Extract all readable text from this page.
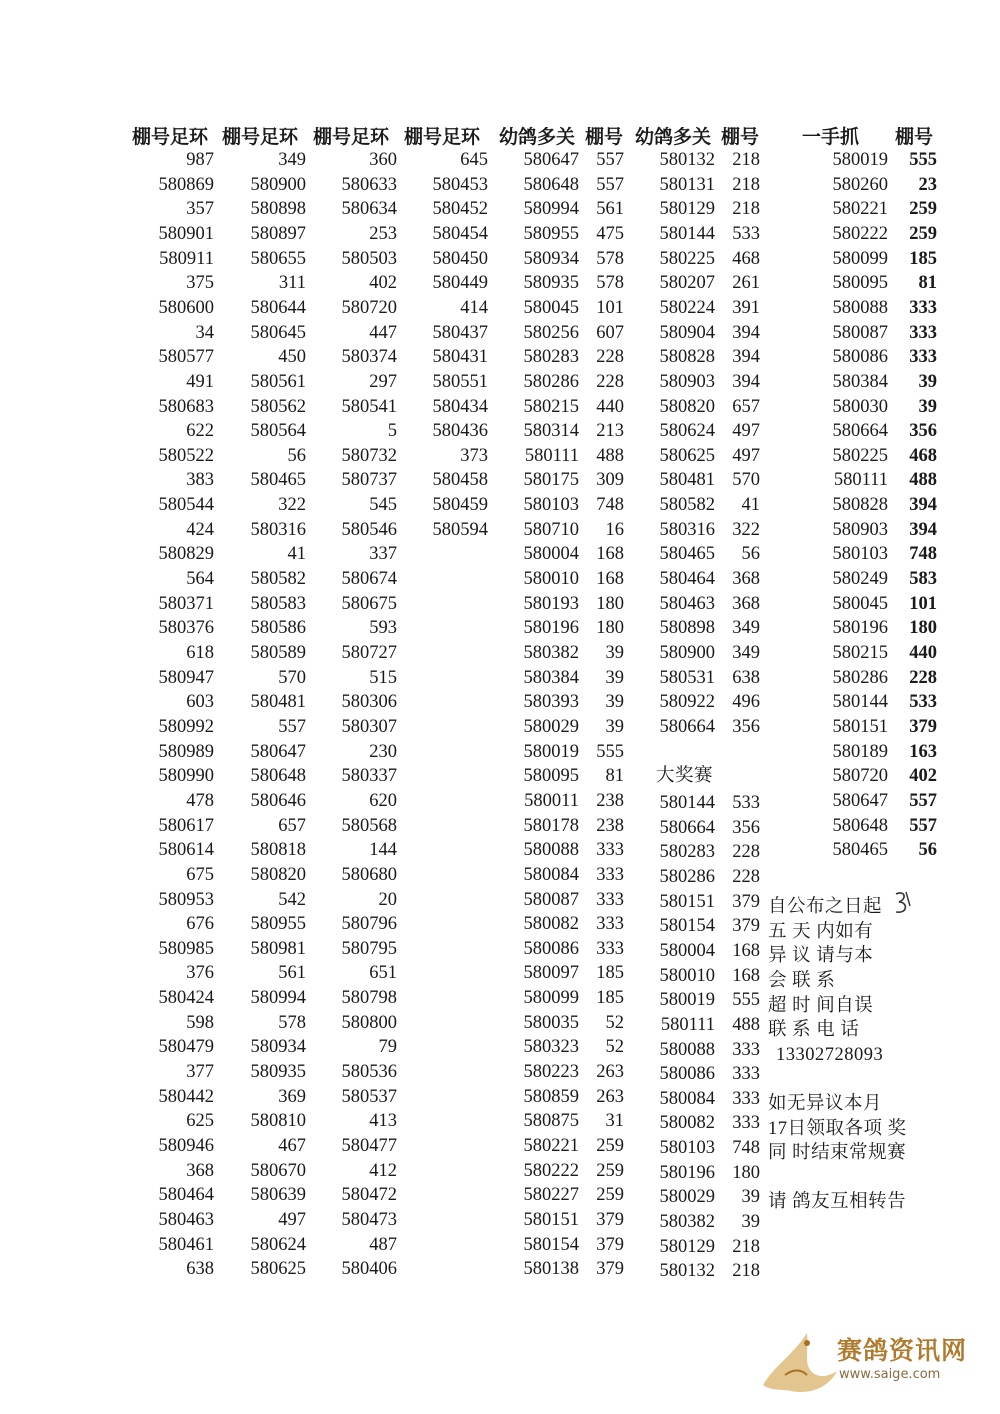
棚号足环 棚号足环 棚号足环 棚号足环 幼鸽多关 棚号 幼鸽多关 棚号 一手抓 棚号
大奖赛
自公布之日起
五 天 内如有
异 议 请与本
会 联 系
超 时 间自误
联 系 电 话
13302728093
如无异议本月
17日领取各项 奖
同 时结束常规赛
请 鸽友互相转告
赛鸽资讯网
www.saige.com
987
580869
357
580901
580911
375
580600
34
580577
491
580683
622
580522
383
580544
424
580829
564
580371
580376
618
580947
603
580992
580989
580990
478
580617
580614
675
580953
676
580985
376
580424
598
580479
377
580442
625
580946
368
580464
580463
580461
638
349
580900
580898
580897
580655
311
580644
580645
450
580561
580562
580564
56
580465
322
580316
41
580582
580583
580586
580589
570
580481
557
580647
580648
580646
657
580818
580820
542
580955
580981
561
580994
578
580934
580935
369
580810
467
580670
580639
497
580624
580625
360
580633
580634
253
580503
402
580720
447
580374
297
580541
5
580732
580737
545
580546
337
580674
580675
593
580727
515
580306
580307
230
580337
620
580568
144
580680
20
580796
580795
651
580798
580800
79
580536
580537
413
580477
412
580472
580473
487
580406
645
580453
580452
580454
580450
580449
414
580437
580431
580551
580434
580436
373
580458
580459
580594
580647
580648
580994
580955
580934
580935
580045
580256
580283
580286
580215
580314
580111
580175
580103
580710
580004
580010
580193
580196
580382
580384
580393
580029
580019
580095
580011
580178
580088
580084
580087
580082
580086
580097
580099
580035
580323
580223
580859
580875
580221
580222
580227
580151
580154
580138
557
557
561
475
578
578
101
607
228
228
440
213
488
309
748
16
168
168
180
180
39
39
39
39
555
81
238
238
333
333
333
333
333
185
185
52
52
263
263
31
259
259
259
379
379
379
580132
580131
580129
580144
580225
580207
580224
580904
580828
580903
580820
580624
580625
580481
580582
580316
580465
580464
580463
580898
580900
580531
580922
580664
218
218
218
533
468
261
391
394
394
394
657
497
497
570
41
322
56
368
368
349
349
638
496
356
580144
580664
580283
580286
580151
580154
580004
580010
580019
580111
580088
580086
580084
580082
580103
580196
580029
580382
580129
580132
533
356
228
228
379
379
168
168
555
488
333
333
333
333
748
180
39
39
218
218
580019
580260
580221
580222
580099
580095
580088
580087
580086
580384
580030
580664
580225
580111
580828
580903
580103
580249
580045
580196
580215
580286
580144
580151
580189
580720
580647
580648
580465
555
23
259
259
185
81
333
333
333
39
39
356
468
488
394
394
748
583
101
180
440
228
533
379
163
402
557
557
56
